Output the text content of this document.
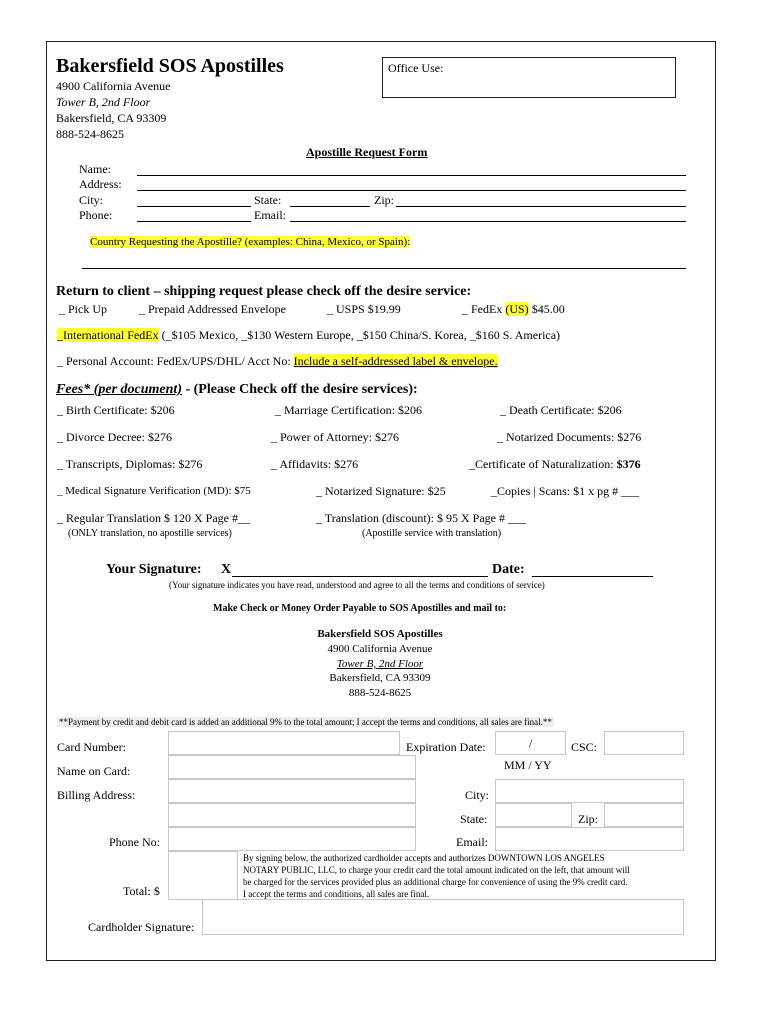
Bakersfield SOS Apostilles
4900 California Avenue
Tower B, 2nd Floor
Bakersfield, CA 93309
888-524-8625
Office Use:
Apostille Request Form
Name:
Address:
City:	State:	Zip:
Phone:	Email:
Country Requesting the Apostille? (examples: China, Mexico, or Spain):
Return to client – shipping request please check off the desire service:
_ Pick Up	_ Prepaid Addressed Envelope	_ USPS $19.99	_ FedEx (US) $45.00
_International FedEx (_$105 Mexico, _$130 Western Europe, _$150 China/S. Korea, _$160 S. America)
_ Personal Account: FedEx/UPS/DHL/ Acct No: Include a self-addressed label & envelope.
Fees* (per document) - (Please Check off the desire services):
_ Birth Certificate: $206	_ Marriage Certification: $206	_ Death Certificate: $206
_ Divorce Decree: $276	_ Power of Attorney: $276	_ Notarized Documents: $276
_ Transcripts, Diplomas: $276	_ Affidavits: $276	_Certificate of Naturalization: $376
_ Medical Signature Verification (MD): $75	_ Notarized Signature: $25	_Copies | Scans: $1 x pg # ___
_ Regular Translation $ 120 X Page #__
(ONLY translation, no apostille services)
_ Translation (discount): $ 95 X Page # ___
(Apostille service with translation)
Your Signature: X	Date:
(Your signature indicates you have read, understood and agree to all the terms and conditions of service)
Make Check or Money Order Payable to SOS Apostilles and mail to:
Bakersfield SOS Apostilles
4900 California Avenue
Tower B, 2nd Floor
Bakersfield, CA 93309
888-524-8625
**Payment by credit and debit card is added an additional 9% to the total amount; I accept the terms and conditions, all sales are final.**
Card Number:	Expiration Date:	/	CSC:
MM / YY
Name on Card:
Billing Address:	City:
State:	Zip:
Phone No:	Email:
Total: $
By signing below, the authorized cardholder accepts and authorizes DOWNTOWN LOS ANGELES
NOTARY PUBLIC, LLC, to charge your credit card the total amount indicated on the left, that amount will
be charged for the services provided plus an additional charge for convenience of using the 9% credit card.
I accept the terms and conditions, all sales are final.
Cardholder Signature:
